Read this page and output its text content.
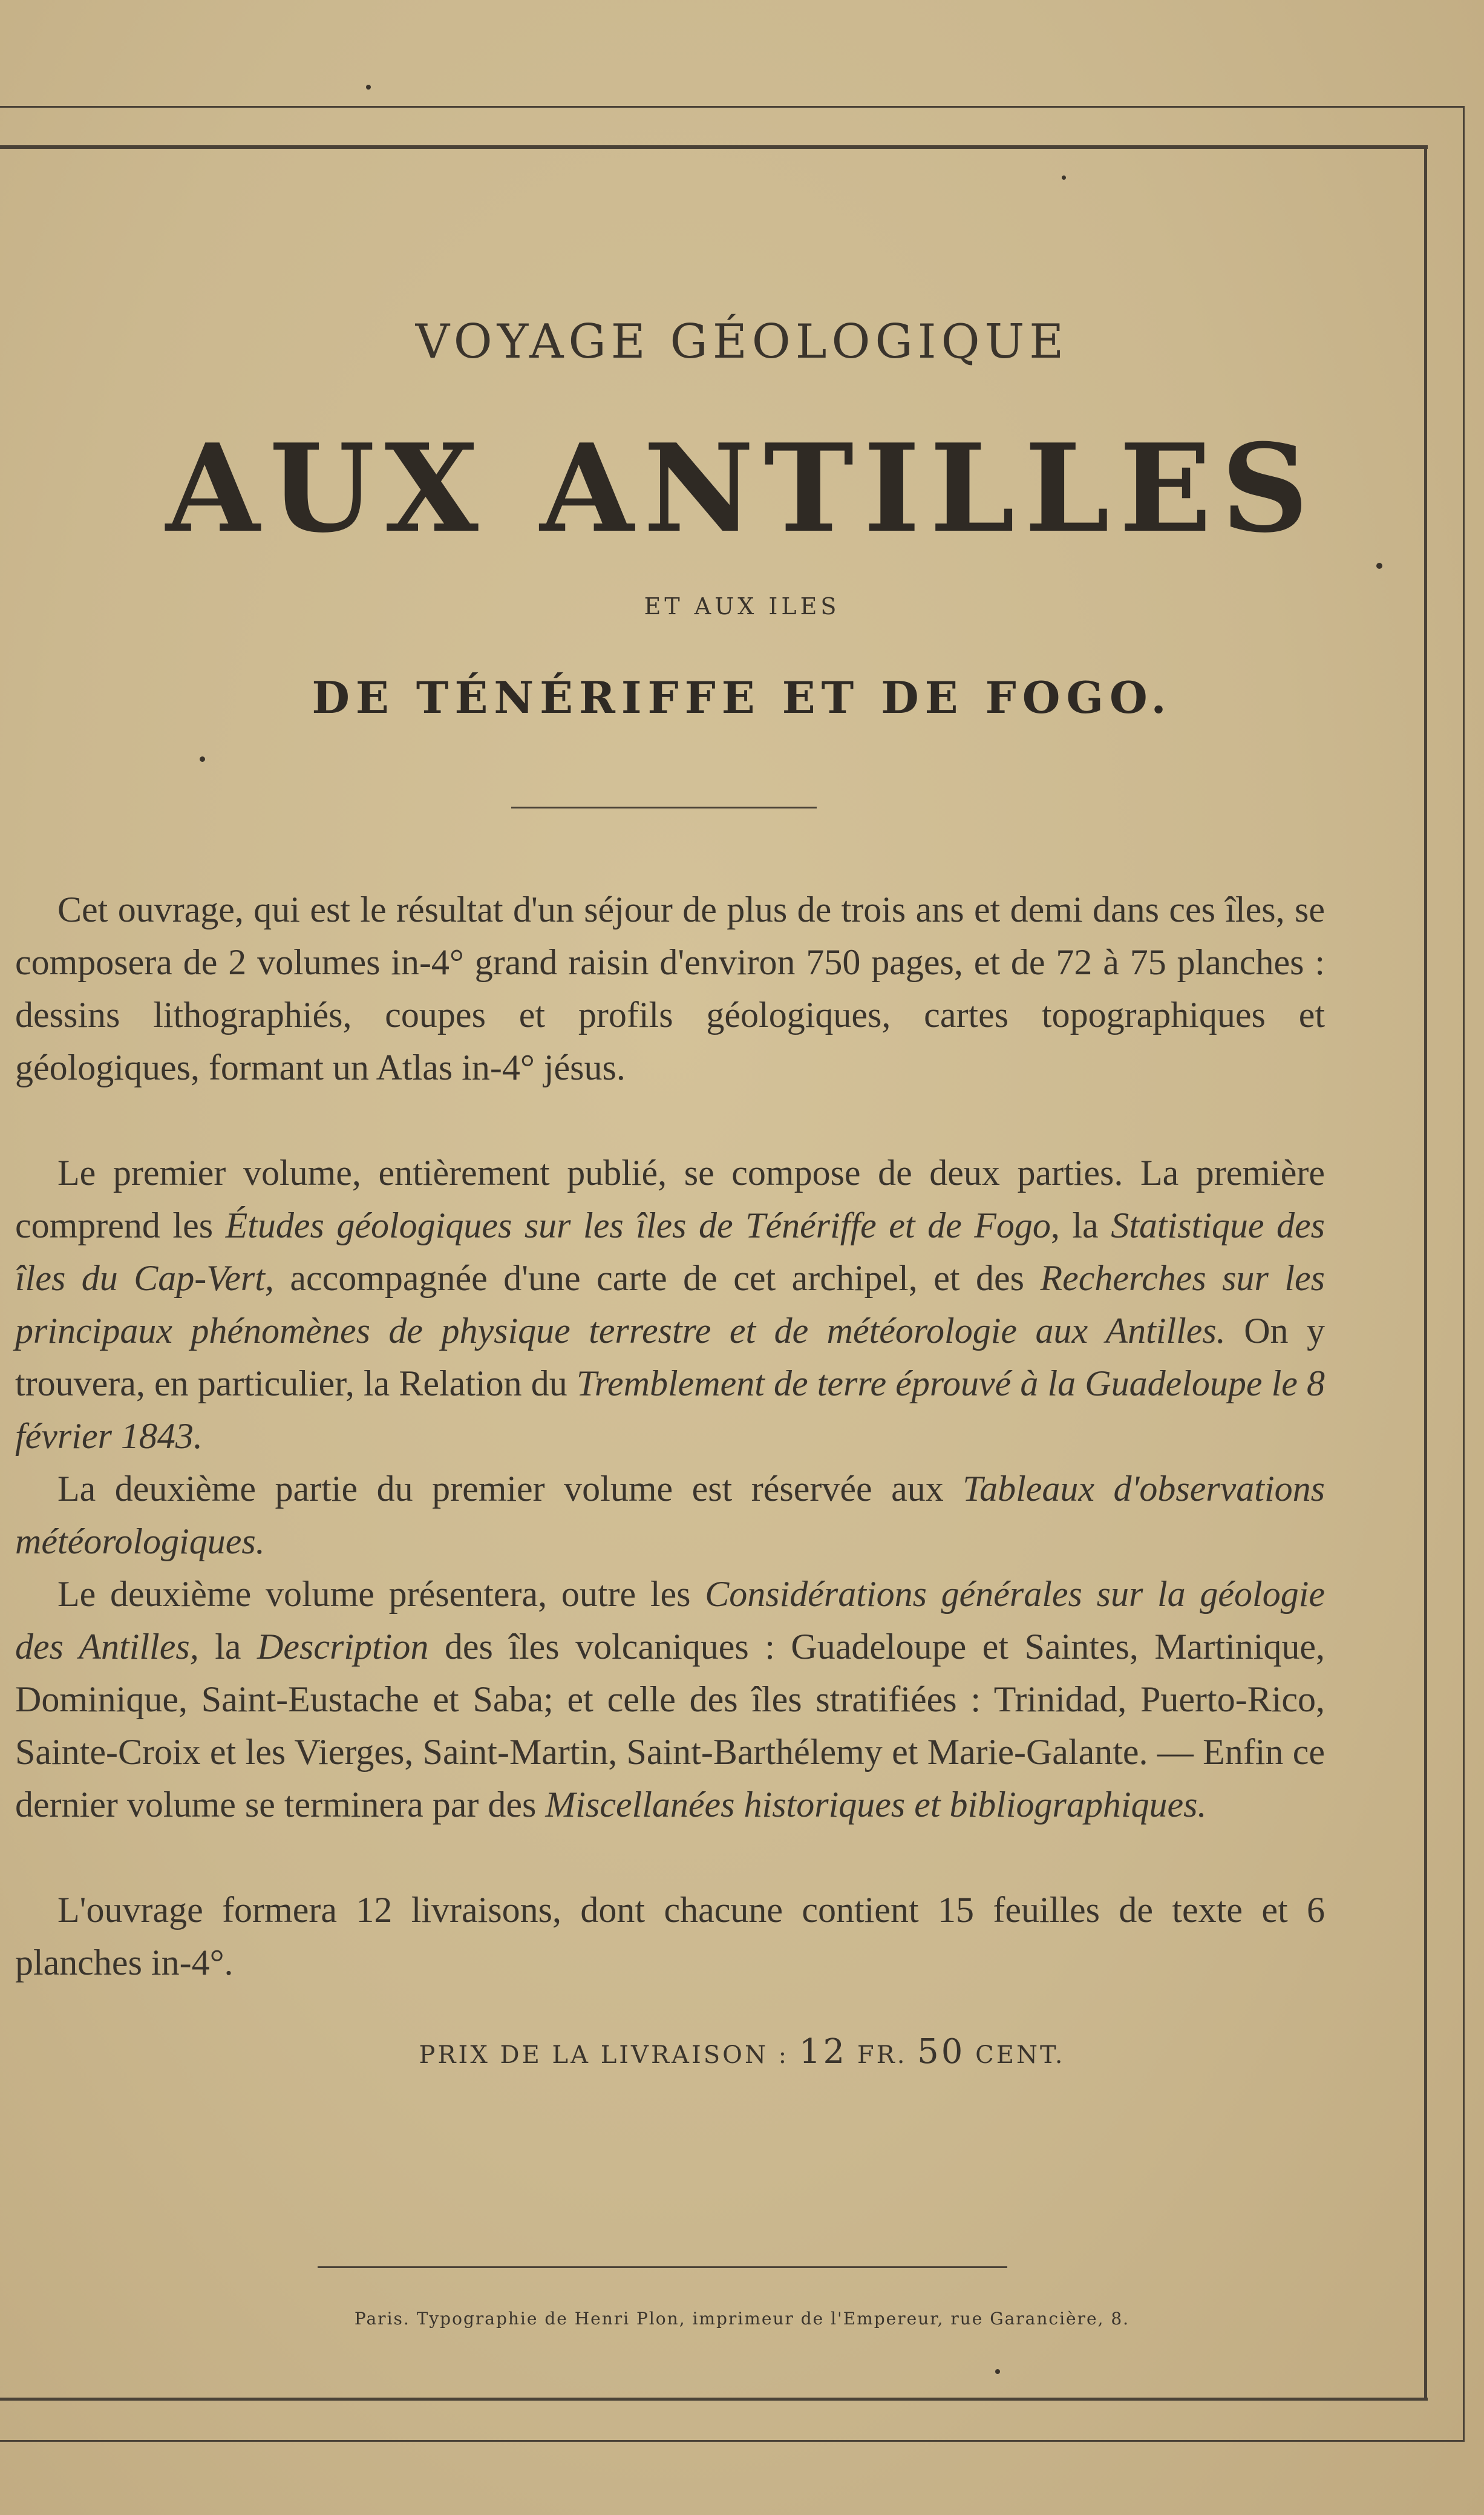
VOYAGE GÉOLOGIQUE
AUX ANTILLES
ET AUX ILES
DE TÉNÉRIFFE ET DE FOGO.
Cet ouvrage, qui est le résultat d'un séjour de plus de trois ans et demi dans ces îles, se composera de 2 volumes in-4° grand raisin d'environ 750 pages, et de 72 à 75 planches : dessins lithographiés, coupes et profils géologiques, cartes topographiques et géologiques, formant un Atlas in-4° jésus.
Le premier volume, entièrement publié, se compose de deux parties. La première comprend les Études géologiques sur les îles de Ténériffe et de Fogo, la Statistique des îles du Cap-Vert, accompagnée d'une carte de cet archipel, et des Recherches sur les principaux phénomènes de physique terrestre et de météorologie aux Antilles. On y trouvera, en particulier, la Relation du Tremblement de terre éprouvé à la Guadeloupe le 8 février 1843.
La deuxième partie du premier volume est réservée aux Tableaux d'observations météorologiques.
Le deuxième volume présentera, outre les Considérations générales sur la géologie des Antilles, la Description des îles volcaniques : Guadeloupe et Saintes, Martinique, Dominique, Saint-Eustache et Saba; et celle des îles stratifiées : Trinidad, Puerto-Rico, Sainte-Croix et les Vierges, Saint-Martin, Saint-Barthélemy et Marie-Galante. — Enfin ce dernier volume se terminera par des Miscellanées historiques et bibliographiques.
L'ouvrage formera 12 livraisons, dont chacune contient 15 feuilles de texte et 6 planches in-4°.
PRIX DE LA LIVRAISON : 12 FR. 50 CENT.
Paris. Typographie de Henri Plon, imprimeur de l'Empereur, rue Garancière, 8.
